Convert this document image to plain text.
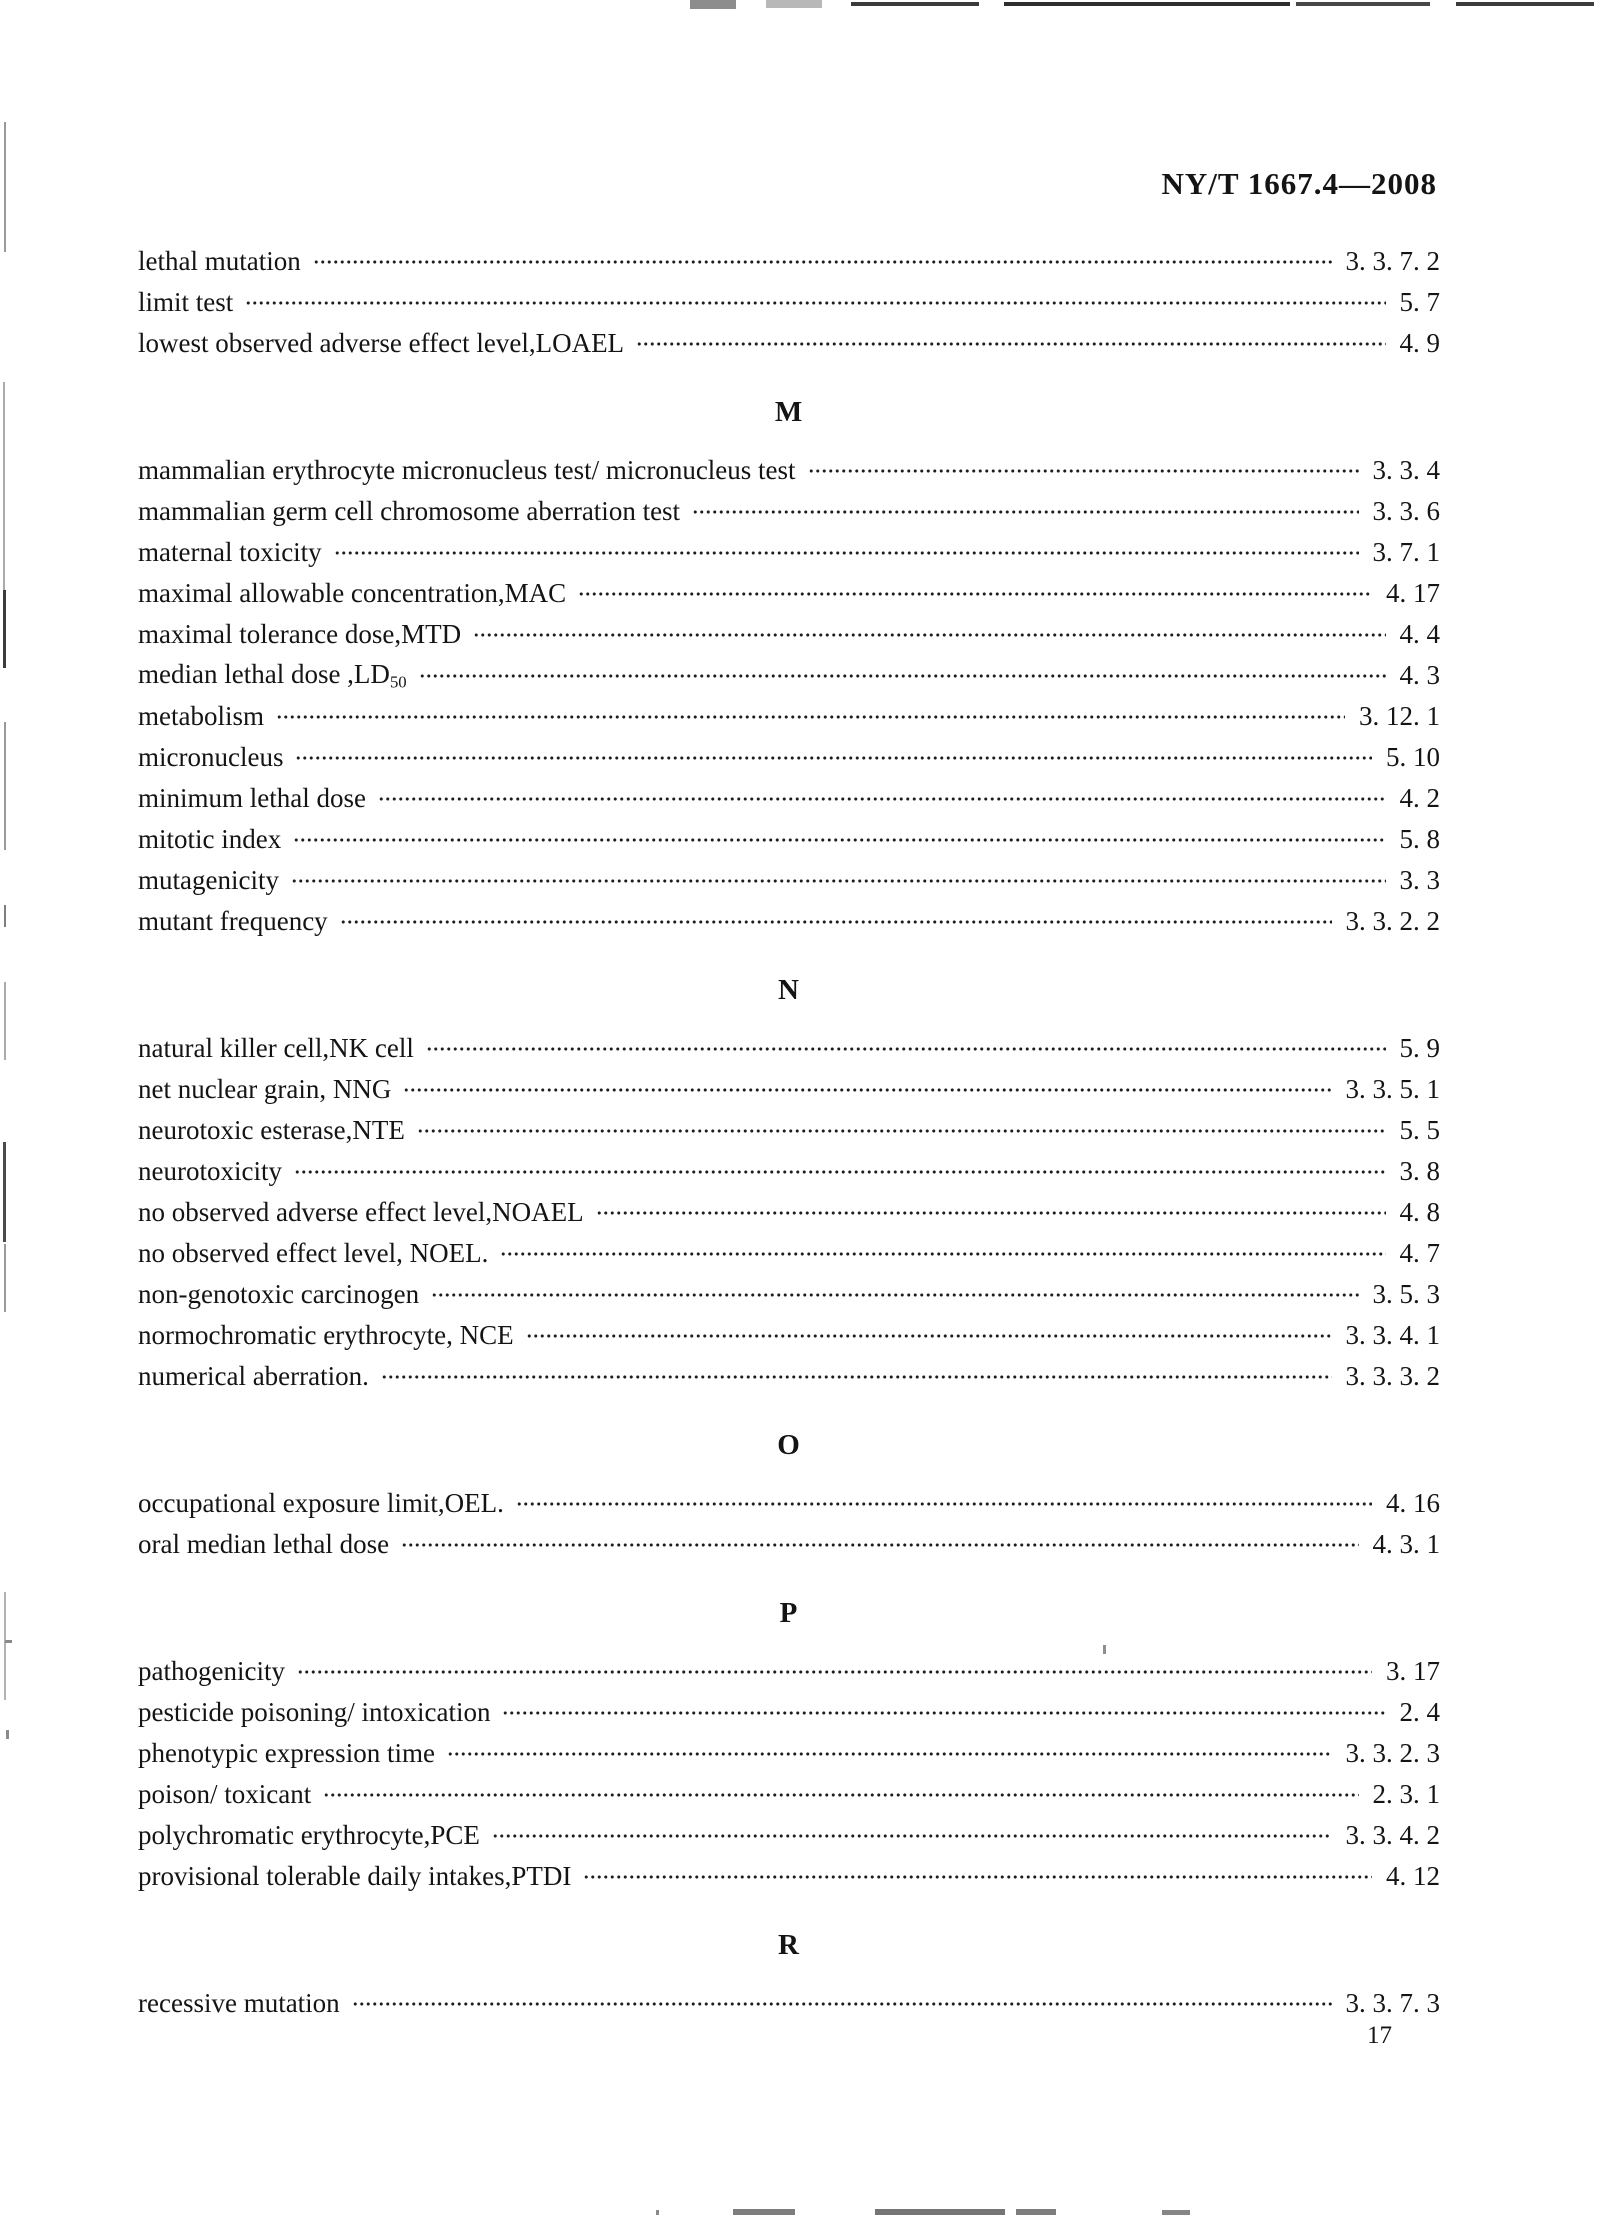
NY/T 1667.4—2008
lethal mutation	3. 3. 7. 2
limit test	5. 7
lowest observed adverse effect level,LOAEL	4. 9
M
mammalian erythrocyte micronucleus test/ micronucleus test	3. 3. 4
mammalian germ cell chromosome aberration test	3. 3. 6
maternal toxicity	3. 7. 1
maximal allowable concentration,MAC	4. 17
maximal tolerance dose,MTD	4. 4
median lethal dose $,LD_{50}$	4. 3
metabolism	3. 12. 1
micronucleus	5. 10
minimum lethal dose	4. 2
mitotic index	5. 8
mutagenicity	3. 3
mutant frequency	3. 3. 2. 2
N
natural killer cell,NK cell	5. 9
net nuclear grain, NNG	3. 3. 5. 1
neurotoxic esterase,NTE	5. 5
neurotoxicity	3. 8
no observed adverse effect level,NOAEL	4. 8
no observed effect level, NOEL.	4. 7
non-genotoxic carcinogen	3. 5. 3
normochromatic erythrocyte, NCE	3. 3. 4. 1
numerical aberration.	3. 3. 3. 2
O
occupational exposure limit,OEL.	4. 16
oral median lethal dose	4. 3. 1
P
pathogenicity	3. 17
pesticide poisoning/ intoxication	2. 4
phenotypic expression time	3. 3. 2. 3
poison/ toxicant	2. 3. 1
polychromatic erythrocyte,PCE	3. 3. 4. 2
provisional tolerable daily intakes,PTDI	4. 12
R
recessive mutation	3. 3. 7. 3
17
